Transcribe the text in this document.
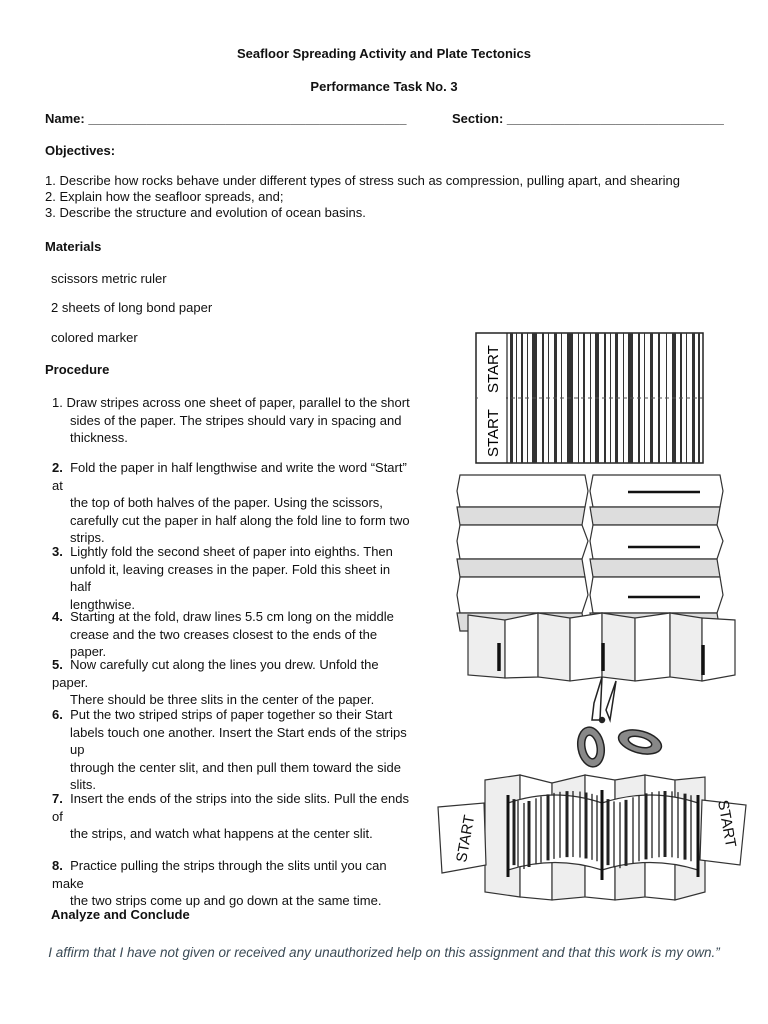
Seafloor Spreading Activity and Plate Tectonics
Performance Task No. 3
Name: ____________________________________________	Section: ______________________________
Objectives:
1. Describe how rocks behave under different types of stress such as compression, pulling apart, and shearing
2. Explain how the seafloor spreads, and;
3. Describe the structure and evolution of ocean basins.
Materials
scissors metric ruler
2 sheets of long bond paper
colored marker
Procedure
1. Draw stripes across one sheet of paper, parallel to the short
sides of the paper. The stripes should vary in spacing and
thickness.
2. Fold the paper in half lengthwise and write the word “Start” at
the top of both halves of the paper. Using the scissors,
carefully cut the paper in half along the fold line to form two
strips.
3. Lightly fold the second sheet of paper into eighths. Then
unfold it, leaving creases in the paper. Fold this sheet in half
lengthwise.
4. Starting at the fold, draw lines 5.5 cm long on the middle
crease and the two creases closest to the ends of the paper.
5. Now carefully cut along the lines you drew. Unfold the paper.
There should be three slits in the center of the paper.
6.  Put the two striped strips of paper together so their Start
labels touch one another. Insert the Start ends of the strips up
through the center slit, and then pull them toward the side
slits.
7. Insert the ends of the strips into the side slits. Pull the ends of
the strips, and watch what happens at the center slit.
8. Practice pulling the strips through the slits until you can make
the two strips come up and go down at the same time.
Analyze and Conclude
I affirm that I have not given or received any unauthorized help on this assignment and that this work is my own.”
START
START
START	START
